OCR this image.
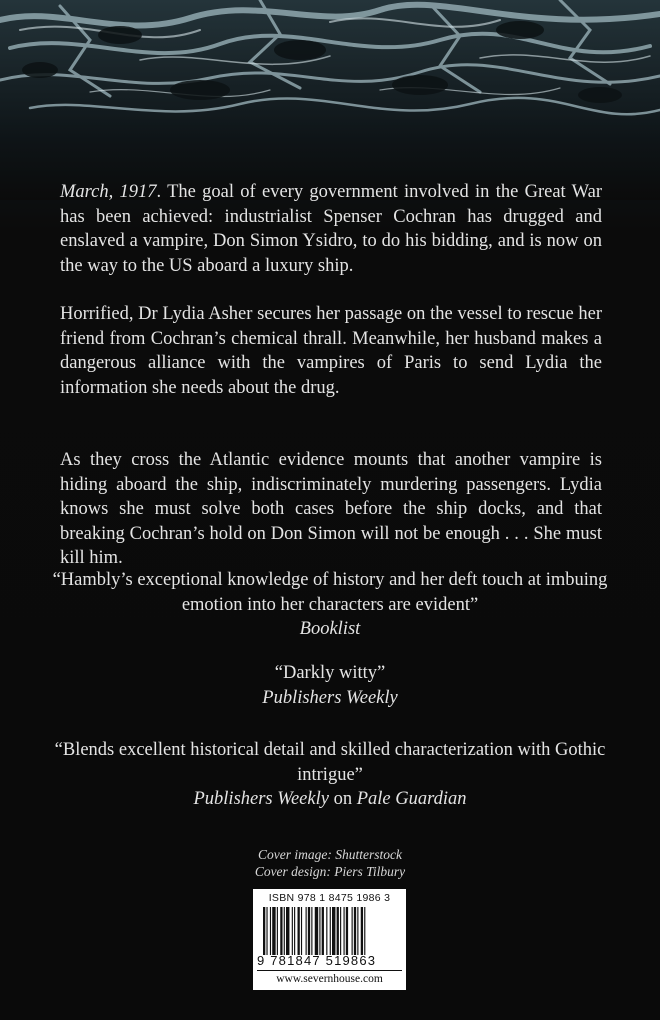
March, 1917. The goal of every government involved in the Great War has been achieved: industrialist Spenser Cochran has drugged and enslaved a vampire, Don Simon Ysidro, to do his bidding, and is now on the way to the US aboard a luxury ship.

Horrified, Dr Lydia Asher secures her passage on the vessel to rescue her friend from Cochran’s chemical thrall. Meanwhile, her husband makes a dangerous alliance with the vampires of Paris to send Lydia the information she needs about the drug.

As they cross the Atlantic evidence mounts that another vampire is hiding aboard the ship, indiscriminately murdering passengers. Lydia knows she must solve both cases before the ship docks, and that breaking Cochran’s hold on Don Simon will not be enough . . . She must kill him.

“Hambly’s exceptional knowledge of history and her deft touch at imbuing emotion into her characters are evident”
Booklist
“Darkly witty”
Publishers Weekly
“Blends excellent historical detail and skilled characterization with Gothic intrigue”
Publishers Weekly on Pale Guardian
Cover image: Shutterstock
Cover design: Piers Tilbury
ISBN 978 1 8475 1986 3
9 781847 519863
www.severnhouse.com
